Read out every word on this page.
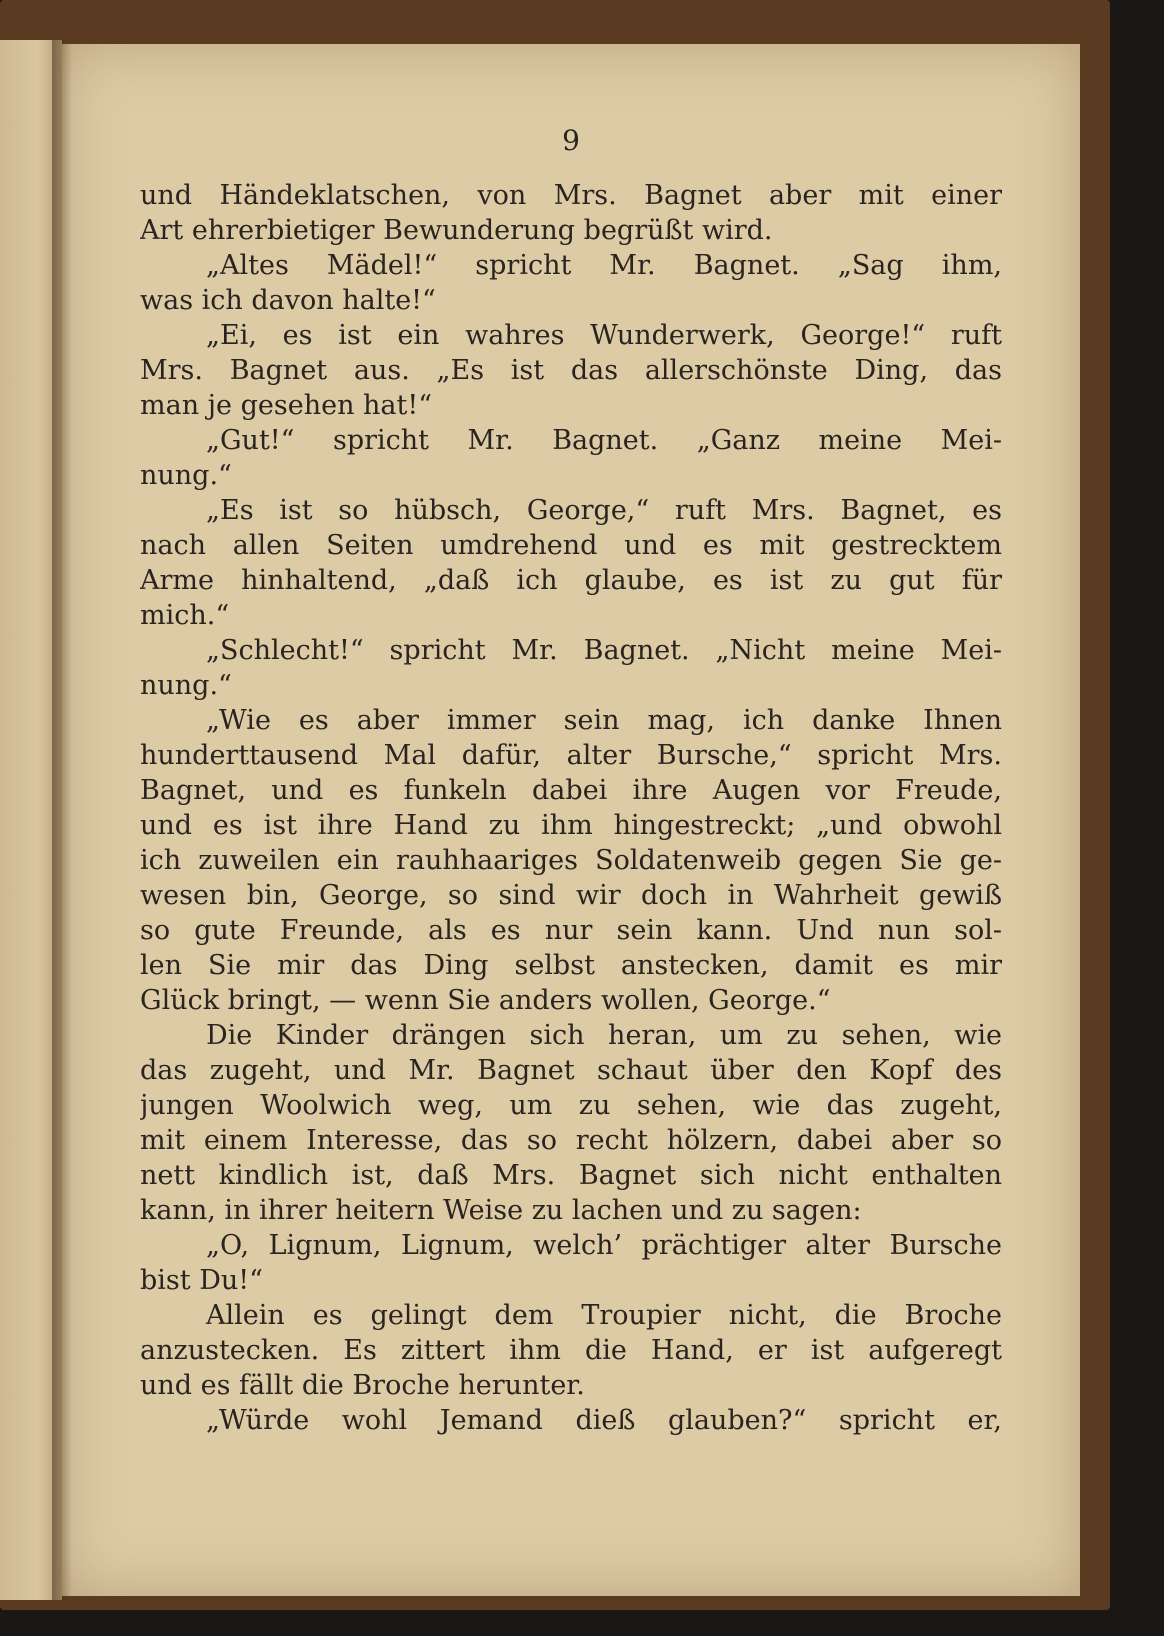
9
und Händeklatschen, von Mrs. Bagnet aber mit einer
Art ehrerbietiger Bewunderung begrüßt wird.
„Altes Mädel!“ spricht Mr. Bagnet. „Sag ihm,
was ich davon halte!“
„Ei, es ist ein wahres Wunderwerk, George!“ ruft
Mrs. Bagnet aus. „Es ist das allerschönste Ding, das
man je gesehen hat!“
„Gut!“ spricht Mr. Bagnet. „Ganz meine Mei-
nung.“
„Es ist so hübsch, George,“ ruft Mrs. Bagnet, es
nach allen Seiten umdrehend und es mit gestrecktem
Arme hinhaltend, „daß ich glaube, es ist zu gut für
mich.“
„Schlecht!“ spricht Mr. Bagnet. „Nicht meine Mei-
nung.“
„Wie es aber immer sein mag, ich danke Ihnen
hunderttausend Mal dafür, alter Bursche,“ spricht Mrs.
Bagnet, und es funkeln dabei ihre Augen vor Freude,
und es ist ihre Hand zu ihm hingestreckt; „und obwohl
ich zuweilen ein rauhhaariges Soldatenweib gegen Sie ge-
wesen bin, George, so sind wir doch in Wahrheit gewiß
so gute Freunde, als es nur sein kann. Und nun sol-
len Sie mir das Ding selbst anstecken, damit es mir
Glück bringt, — wenn Sie anders wollen, George.“
Die Kinder drängen sich heran, um zu sehen, wie
das zugeht, und Mr. Bagnet schaut über den Kopf des
jungen Woolwich weg, um zu sehen, wie das zugeht,
mit einem Interesse, das so recht hölzern, dabei aber so
nett kindlich ist, daß Mrs. Bagnet sich nicht enthalten
kann, in ihrer heitern Weise zu lachen und zu sagen:
„O, Lignum, Lignum, welch’ prächtiger alter Bursche
bist Du!“
Allein es gelingt dem Troupier nicht, die Broche
anzustecken. Es zittert ihm die Hand, er ist aufgeregt
und es fällt die Broche herunter.
„Würde wohl Jemand dieß glauben?“ spricht er,
